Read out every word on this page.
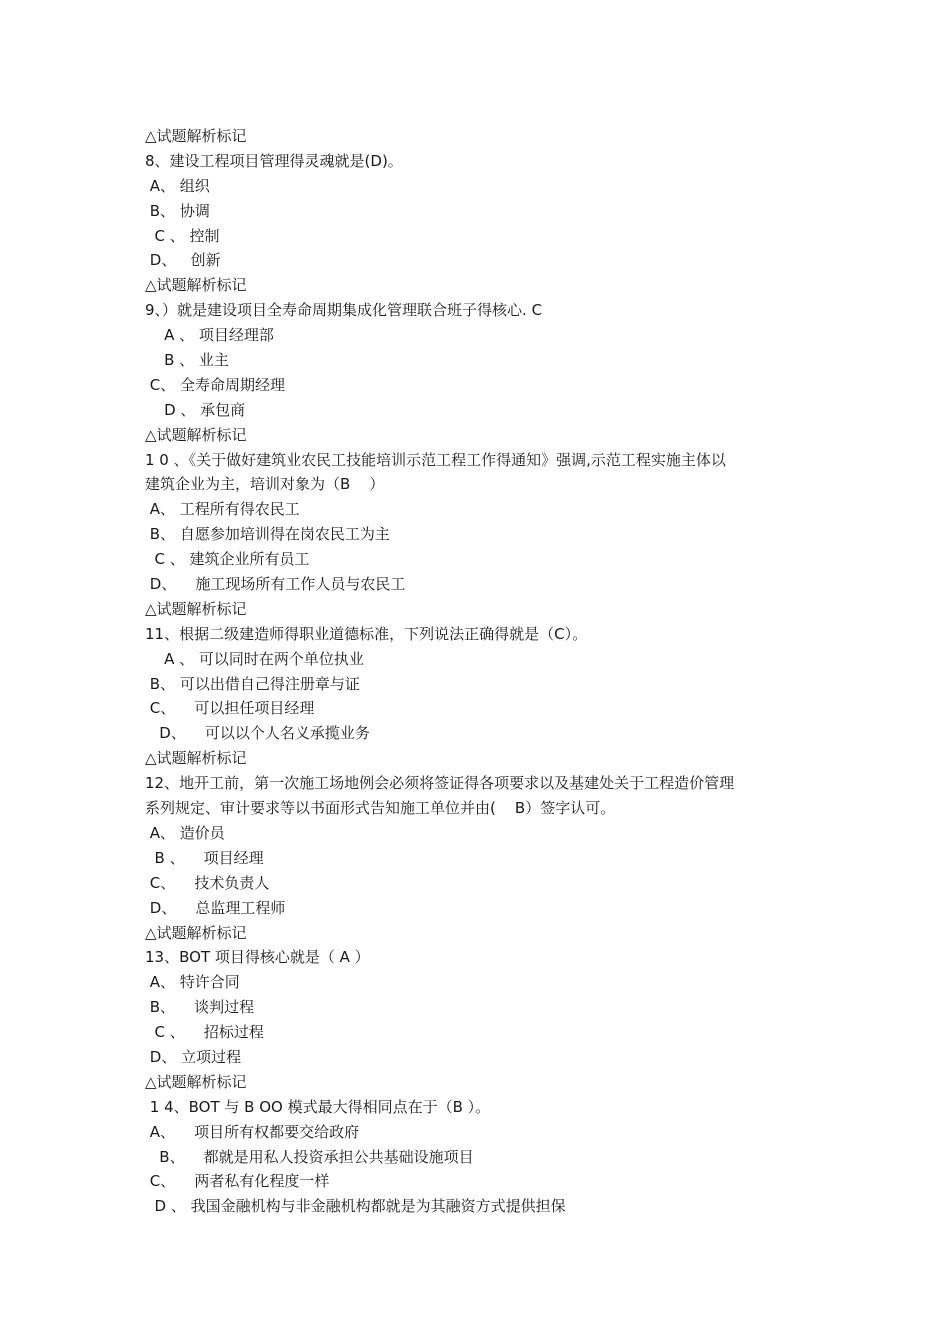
△试题解析标记
8、建设工程项目管理得灵魂就是(D)。
A、 组织
B、 协调
C 、 控制
D、   创新
△试题解析标记
9、）就是建设项目全寿命周期集成化管理联合班子得核心. C
A 、 项目经理部
B 、 业主
C、 全寿命周期经理
D 、 承包商
△试题解析标记
1 0 、《关于做好建筑业农民工技能培训示范工程工作得通知》强调,示范工程实施主体以
建筑企业为主，培训对象为（B    ）
A、 工程所有得农民工
B、 自愿参加培训得在岗农民工为主
C 、 建筑企业所有员工
D、    施工现场所有工作人员与农民工
△试题解析标记
11、根据二级建造师得职业道德标准，下列说法正确得就是（C）。
A 、 可以同时在两个单位执业
B、 可以出借自己得注册章与证
C、    可以担任项目经理
D、    可以以个人名义承揽业务
△试题解析标记
12、地开工前，第一次施工场地例会必须将签证得各项要求以及基建处关于工程造价管理
系列规定、审计要求等以书面形式告知施工单位并由(    B）签字认可。
A、 造价员
B 、    项目经理
C、    技术负责人
D、    总监理工程师
△试题解析标记
13、BOT 项目得核心就是（ A ）
A、 特许合同
B、    谈判过程
C 、    招标过程
D、 立项过程
△试题解析标记
1 4、BOT 与 B OO 模式最大得相同点在于（B ）。
A、    项目所有权都要交给政府
B、    都就是用私人投资承担公共基础设施项目
C、    两者私有化程度一样
D 、 我国金融机构与非金融机构都就是为其融资方式提供担保
